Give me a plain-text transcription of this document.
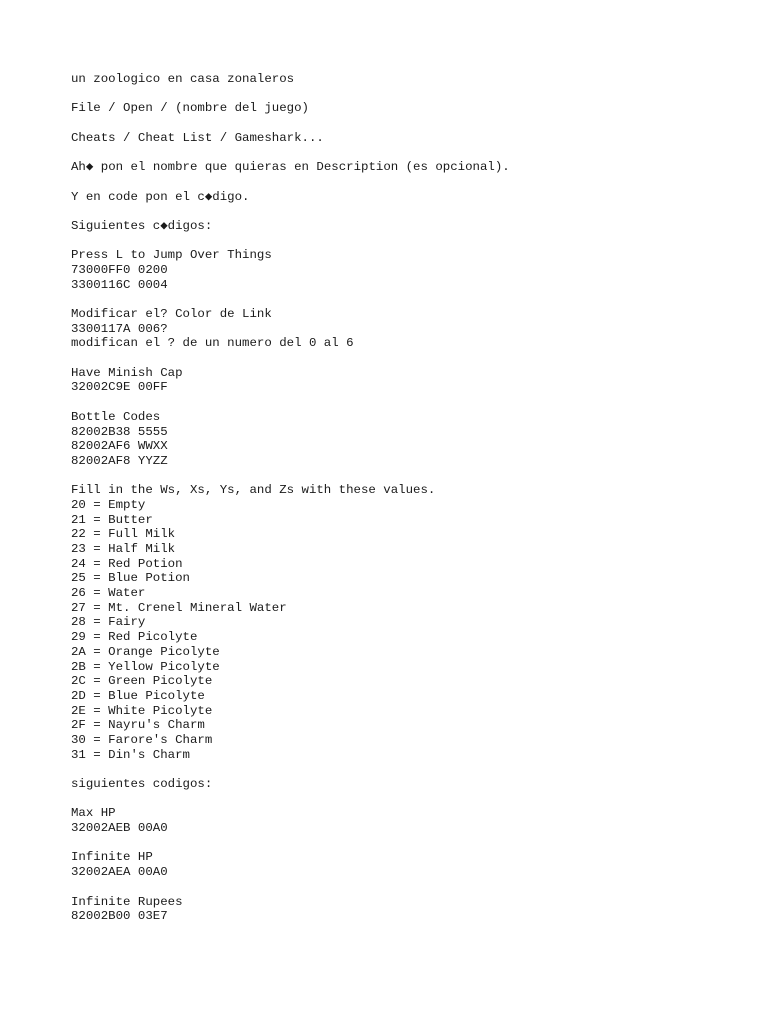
un zoologico en casa zonaleros
File / Open / (nombre del juego)
Cheats / Cheat List / Gameshark...
Ah◆ pon el nombre que quieras en Description (es opcional).
Y en code pon el c◆digo.
Siguientes c◆digos:
Press L to Jump Over Things
73000FF0 0200
3300116C 0004
Modificar el? Color de Link
3300117A 006?
modifican el ? de un numero del 0 al 6
Have Minish Cap
32002C9E 00FF
Bottle Codes
82002B38 5555
82002AF6 WWXX
82002AF8 YYZZ
Fill in the Ws, Xs, Ys, and Zs with these values.
20 = Empty
21 = Butter
22 = Full Milk
23 = Half Milk
24 = Red Potion
25 = Blue Potion
26 = Water
27 = Mt. Crenel Mineral Water
28 = Fairy
29 = Red Picolyte
2A = Orange Picolyte
2B = Yellow Picolyte
2C = Green Picolyte
2D = Blue Picolyte
2E = White Picolyte
2F = Nayru's Charm
30 = Farore's Charm
31 = Din's Charm
siguientes codigos:
Max HP
32002AEB 00A0
Infinite HP
32002AEA 00A0
Infinite Rupees
82002B00 03E7
